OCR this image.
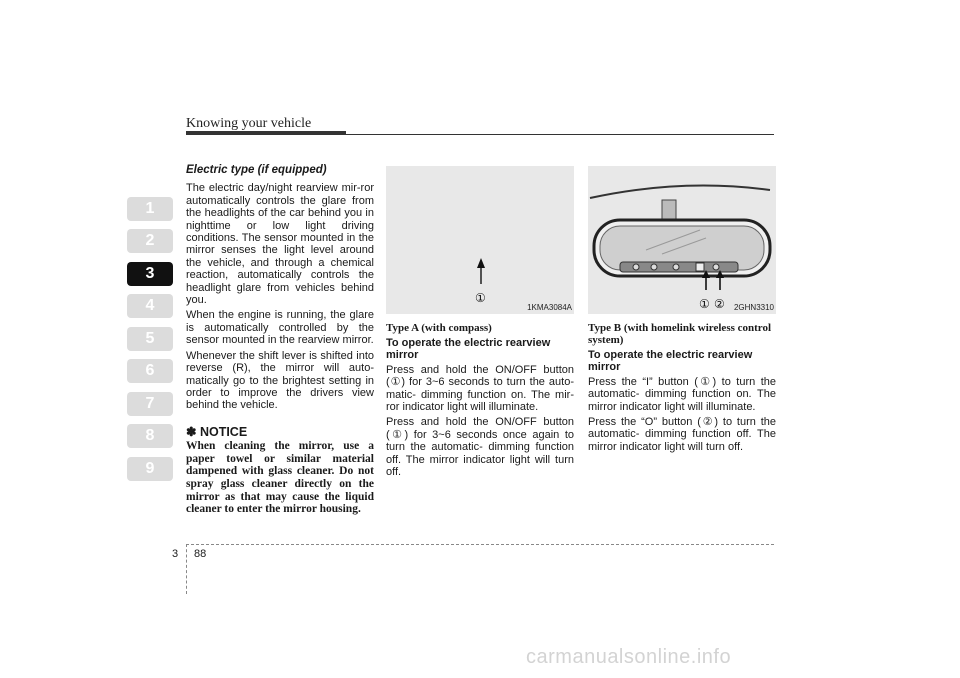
Knowing your vehicle
1
2
3
4
5
6
7
8
9
Electric type (if equipped)

The electric day/night rearview mir-ror automatically controls the glare from the headlights of the car behind you in nighttime or low light driving conditions. The sensor mounted in the mirror senses the light level around the vehicle, and through a chemical reaction, automatically controls the headlight glare from vehicles behind you.

When the engine is running, the glare is automatically controlled by the sensor mounted in the rearview mirror.

Whenever the shift lever is shifted into reverse (R), the mirror will auto-matically go to the brightest setting in order to improve the drivers view behind the vehicle.

✽ NOTICE
When cleaning the mirror, use a paper towel or similar material dampened with glass cleaner. Do not spray glass cleaner directly on the mirror as that may cause the liquid cleaner to enter the mirror housing.
①
1KMA3084A
Type A (with compass)
To operate the electric rearview mirror

Press and hold the ON/OFF button (①) for 3~6 seconds to turn the auto- matic- dimming function on. The mir-ror indicator light will illuminate.

Press and hold the ON/OFF button (①) for 3~6 seconds once again to turn the automatic- dimming function off. The mirror indicator light will turn off.

① ② 2GHN3310
Type B (with homelink wireless control system)
To operate the electric rearview mirror

Press the “I” button (①) to turn the automatic- dimming function on. The mirror indicator light will illuminate.

Press the “O” button (②) to turn the automatic- dimming function off. The mirror indicator light will turn off.

3 88
carmanualsonline.info
